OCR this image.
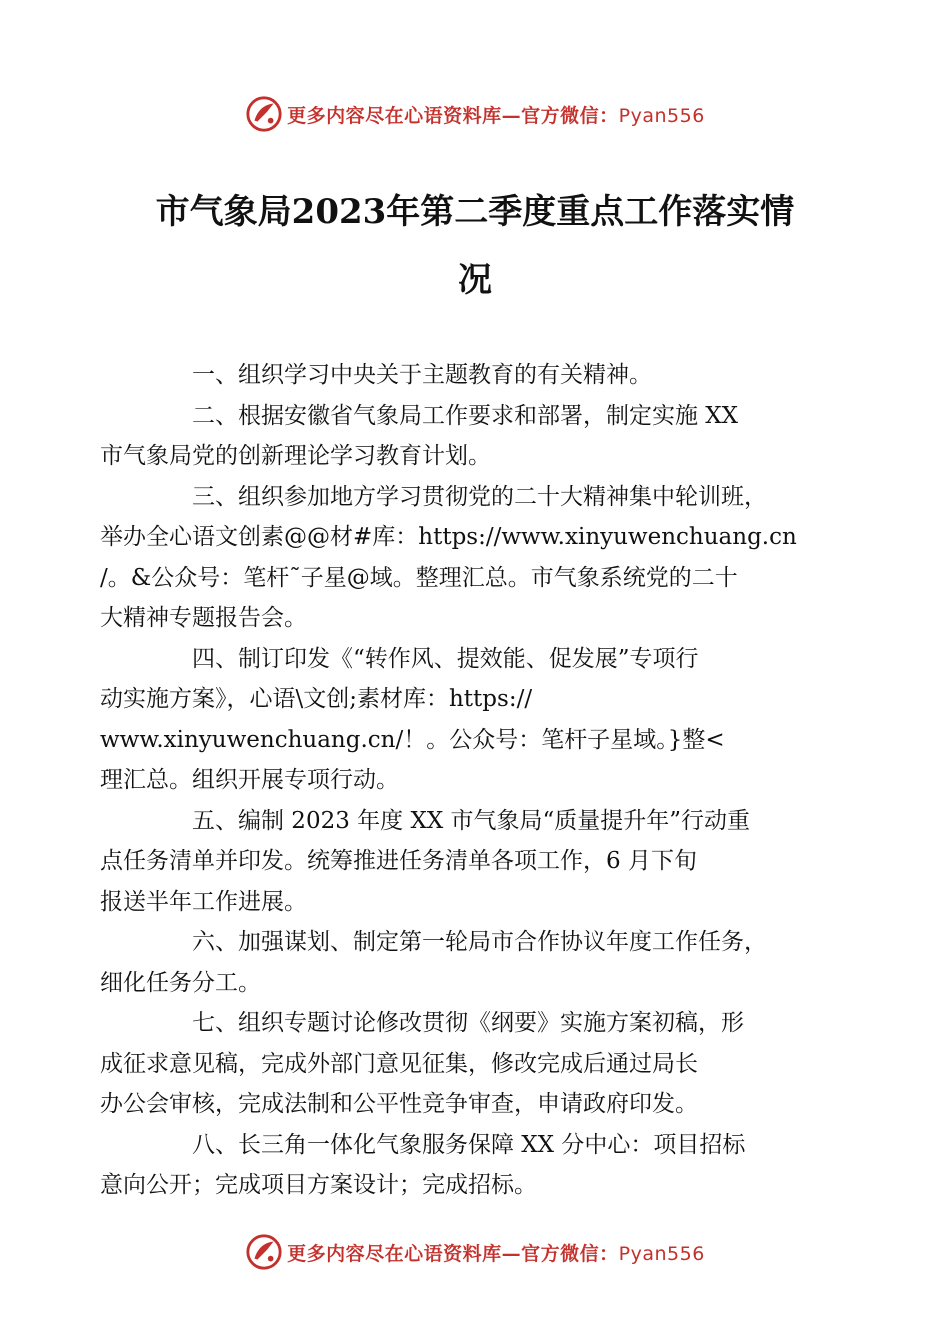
更多内容尽在心语资料库—官方微信：Pyan556
市气象局2023年第二季度重点工作落实情
况

一、组织学习中央关于主题教育的有关精神。

二、根据安徽省气象局工作要求和部署，制定实施 XX
市气象局党的创新理论学习教育计划。

三、组织参加地方学习贯彻党的二十大精神集中轮训班，
举办全心语文创素@@材#库：https://www.xinyuwenchuang.cn
/。&公众号：笔杆˜子星@域。整理汇总。市气象系统党的二十
大精神专题报告会。

四、制订印发《“转作风、提效能、促发展”专项行
动实施方案》，心语\文创;素材库：https://
www.xinyuwenchuang.cn/！。公众号：笔杆子星域。}整<
理汇总。组织开展专项行动。

五、编制 2023 年度 XX 市气象局“质量提升年”行动重
点任务清单并印发。统筹推进任务清单各项工作，6 月下旬
报送半年工作进展。

六、加强谋划、制定第一轮局市合作协议年度工作任务，
细化任务分工。

七、组织专题讨论修改贯彻《纲要》实施方案初稿，形
成征求意见稿，完成外部门意见征集，修改完成后通过局长
办公会审核，完成法制和公平性竞争审查，申请政府印发。

八、长三角一体化气象服务保障 XX 分中心：项目招标
意向公开；完成项目方案设计；完成招标。

更多内容尽在心语资料库—官方微信：Pyan556
